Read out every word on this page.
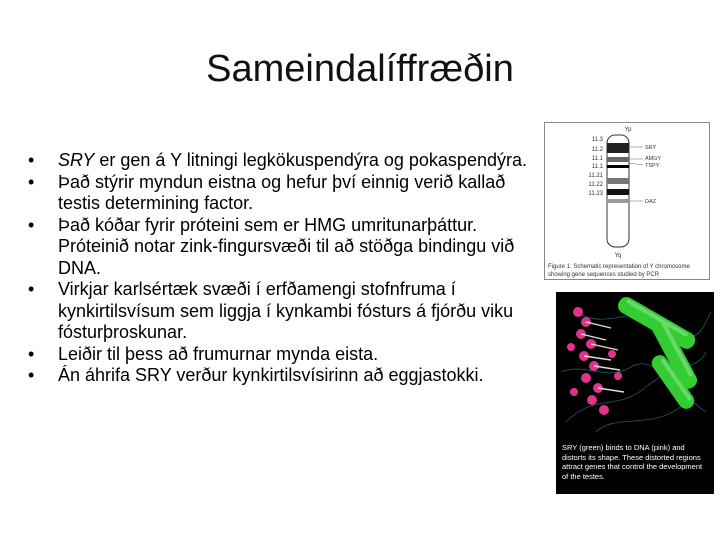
Sameindalíffræðin
• SRY er gen á Y litningi legkökuspendýra og pokaspendýra.
• Það stýrir myndun eistna og hefur því einnig verið kallað testis determining factor.
• Það kóðar fyrir próteini sem er HMG umritunarþáttur. Próteinið notar zink-fingursvæði til að stöðga bindingu við DNA.
• Virkjar karlsértæk svæði í erfðamengi stofnfruma í kynkirtilsvísum sem liggja í kynkambi fósturs á fjórðu viku fósturþroskunar.
• Leiðir til þess að frumurnar mynda eista.
• Án áhrifa SRY verður kynkirtilsvísirinn að eggjastokki.
Yp
11.3
11.2
11.1
11.1
11.21
11.22
11.23
SRY
AMGY
TSPY
DAZ
Yq
Figure 1: Schematic representation of Y chromosome showing gene sequences studied by PCR
SRY (green) binds to DNA (pink) and distorts its shape. These distorted regions attract genes that control the development of the testes.
